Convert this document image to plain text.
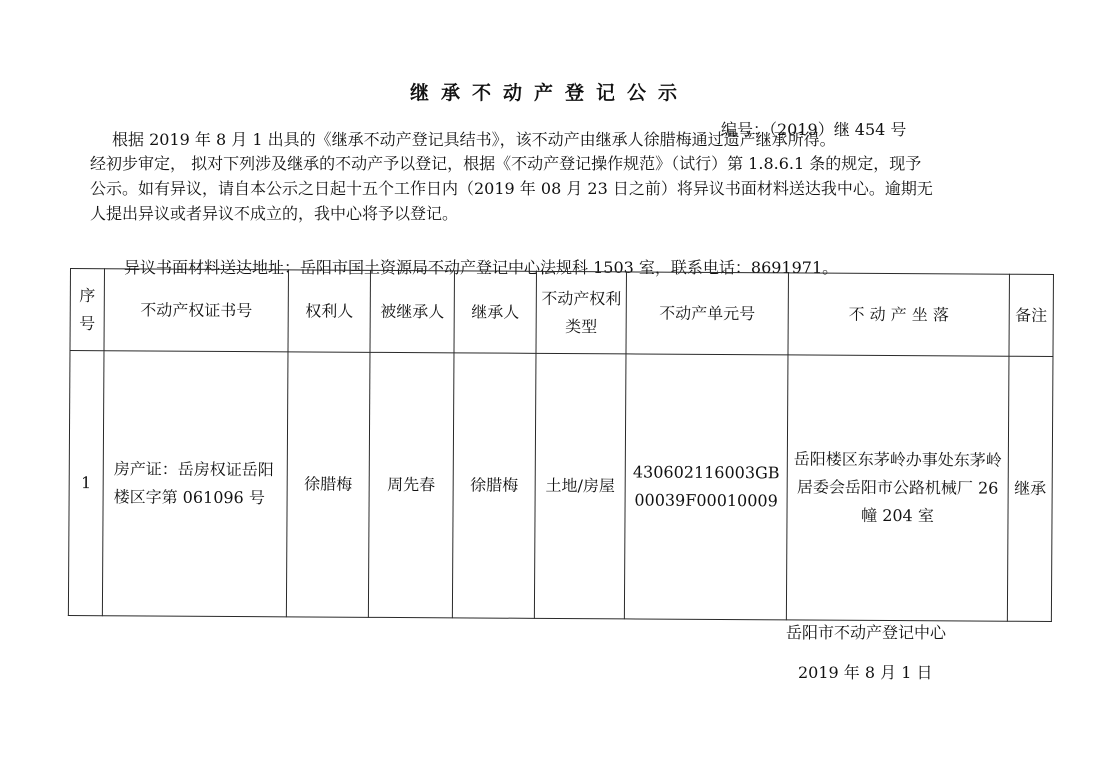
继承不动产登记公示
编号：（2019）继 454 号
根据 2019 年 8 月 1 出具的《继承不动产登记具结书》，该不动产由继承人徐腊梅通过遗产继承所得。
经初步审定， 拟对下列涉及继承的不动产予以登记，根据《不动产登记操作规范》（试行）第 1.8.6.1 条的规定，现予
公示。如有异议，请自本公示之日起十五个工作日内（2019 年 08 月 23 日之前）将异议书面材料送达我中心。逾期无
人提出异议或者异议不成立的，我中心将予以登记。
异议书面材料送达地址：岳阳市国土资源局不动产登记中心法规科 1503 室，联系电话：8691971。
序号	不动产权证书号	权利人	被继承人	继承人	不动产权利类型	不动产单元号	不 动 产 坐 落	备注
1	房产证：岳房权证岳阳楼区字第 061096 号	徐腊梅	周先春	徐腊梅	土地/房屋	430602116003GB00039F00010009	岳阳楼区东茅岭办事处东茅岭居委会岳阳市公路机械厂 26 幢 204 室	继承
岳阳市不动产登记中心
2019 年 8 月 1 日
